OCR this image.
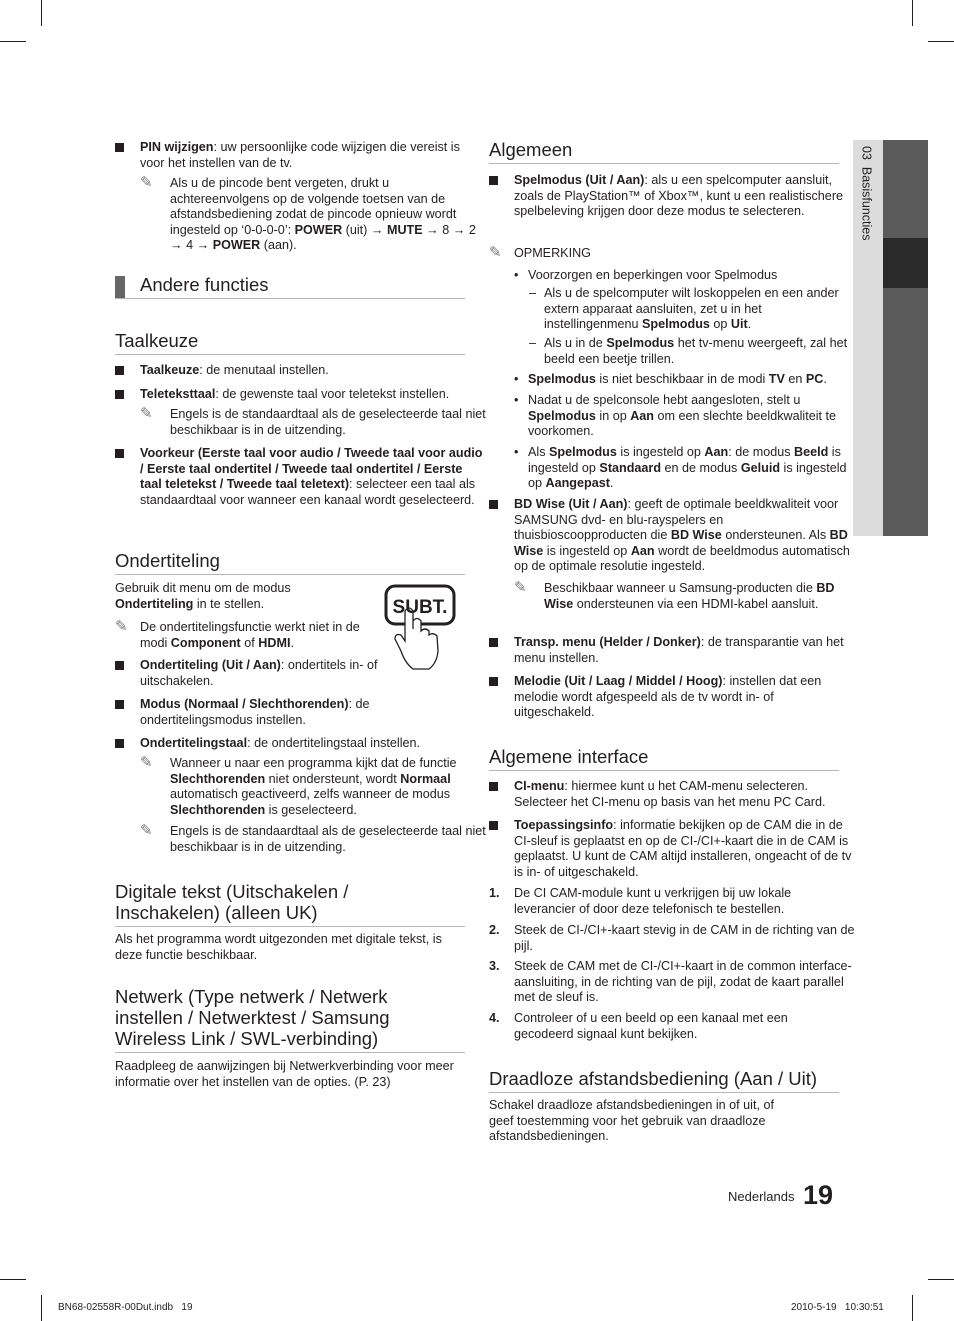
03  Basisfuncties
PIN wijzigen: uw persoonlijke code wijzigen die vereist is voor het instellen van de tv.
✎ Als u de pincode bent vergeten, drukt u achtereenvolgens op de volgende toetsen van de afstandsbediening zodat de pincode opnieuw wordt ingesteld op ‘0-0-0-0’: POWER (uit) → MUTE → 8 → 2 → 4 → POWER (aan).
Andere functies
Taalkeuze
Taalkeuze: de menutaal instellen.
Teleteksttaal: de gewenste taal voor teletekst instellen.
✎ Engels is de standaardtaal als de geselecteerde taal niet beschikbaar is in de uitzending.
Voorkeur (Eerste taal voor audio / Tweede taal voor audio / Eerste taal ondertitel / Tweede taal ondertitel / Eerste taal teletekst / Tweede taal teletext): selecteer een taal als standaardtaal voor wanneer een kanaal wordt geselecteerd.
Ondertiteling
Gebruik dit menu om de modus Ondertiteling in te stellen.
✎ De ondertitelingsfunctie werkt niet in de modi Component of HDMI.
SUBT.
Ondertiteling (Uit / Aan): ondertitels in- of uitschakelen.
Modus (Normaal / Slechthorenden): de ondertitelingsmodus instellen.
Ondertitelingstaal: de ondertitelingstaal instellen.
✎ Wanneer u naar een programma kijkt dat de functie Slechthorenden niet ondersteunt, wordt Normaal automatisch geactiveerd, zelfs wanneer de modus Slechthorenden is geselecteerd.
✎ Engels is de standaardtaal als de geselecteerde taal niet beschikbaar is in de uitzending.
Digitale tekst (Uitschakelen / Inschakelen) (alleen UK)
Als het programma wordt uitgezonden met digitale tekst, is deze functie beschikbaar.
Netwerk (Type netwerk / Netwerk instellen / Netwerktest / Samsung Wireless Link / SWL-verbinding)
Raadpleeg de aanwijzingen bij Netwerkverbinding voor meer informatie over het instellen van de opties. (P. 23)
Algemeen
Spelmodus (Uit / Aan): als u een spelcomputer aansluit, zoals de PlayStation™ of Xbox™, kunt u een realistischere spelbeleving krijgen door deze modus te selecteren.
✎ OPMERKING
• Voorzorgen en beperkingen voor Spelmodus
– Als u de spelcomputer wilt loskoppelen en een ander extern apparaat aansluiten, zet u in het instellingenmenu Spelmodus op Uit.
– Als u in de Spelmodus het tv-menu weergeeft, zal het beeld een beetje trillen.
• Spelmodus is niet beschikbaar in de modi TV en PC.
• Nadat u de spelconsole hebt aangesloten, stelt u Spelmodus in op Aan om een slechte beeldkwaliteit te voorkomen.
• Als Spelmodus is ingesteld op Aan: de modus Beeld is ingesteld op Standaard en de modus Geluid is ingesteld op Aangepast.
BD Wise (Uit / Aan): geeft de optimale beeldkwaliteit voor SAMSUNG dvd- en blu-rayspelers en thuisbioscoopproducten die BD Wise ondersteunen. Als BD Wise is ingesteld op Aan wordt de beeldmodus automatisch op de optimale resolutie ingesteld.
✎ Beschikbaar wanneer u Samsung-producten die BD Wise ondersteunen via een HDMI-kabel aansluit.
Transp. menu (Helder / Donker): de transparantie van het menu instellen.
Melodie (Uit / Laag / Middel / Hoog): instellen dat een melodie wordt afgespeeld als de tv wordt in- of uitgeschakeld.
Algemene interface
CI-menu: hiermee kunt u het CAM-menu selecteren. Selecteer het CI-menu op basis van het menu PC Card.
Toepassingsinfo: informatie bekijken op de CAM die in de CI-sleuf is geplaatst en op de CI-/CI+-kaart die in de CAM is geplaatst. U kunt de CAM altijd installeren, ongeacht of de tv is in- of uitgeschakeld.
1. De CI CAM-module kunt u verkrijgen bij uw lokale leverancier of door deze telefonisch te bestellen.
2. Steek de CI-/CI+-kaart stevig in de CAM in de richting van de pijl.
3. Steek de CAM met de CI-/CI+-kaart in de common interface-aansluiting, in de richting van de pijl, zodat de kaart parallel met de sleuf is.
4. Controleer of u een beeld op een kanaal met een gecodeerd signaal kunt bekijken.
Draadloze afstandsbediening (Aan / Uit)
Schakel draadloze afstandsbedieningen in of uit, of geef toestemming voor het gebruik van draadloze afstandsbedieningen.
Nederlands 19
BN68-02558R-00Dut.indb   19	2010-5-19   10:30:51
